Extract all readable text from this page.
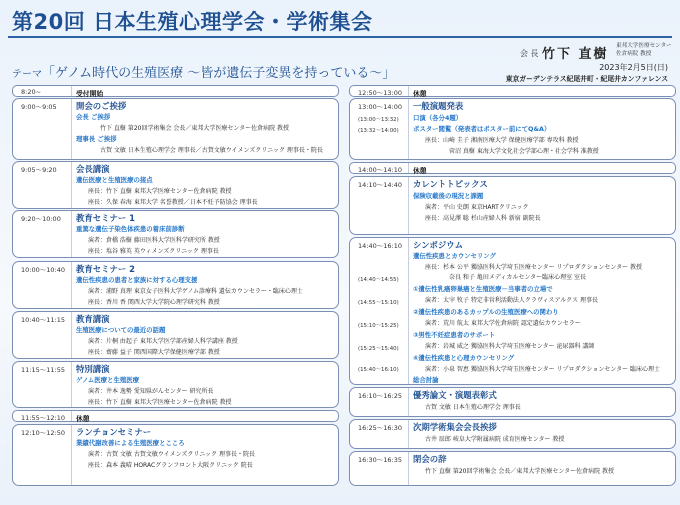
第20回 日本生殖心理学会・学術集会
会 長 竹下 直樹
東邦大学医療センター
佐倉病院 教授
テーマ「ゲノム時代の生殖医療 ～皆が遺伝子変異を持っている～」	2023年2月5日(日)
東京ガーデンテラス紀尾井町・紀尾井カンファレンス
8:20~	受付開始
9:00～9:05 開会のご挨拶
会長 ご挨拶
竹下 直樹 第20回学術集会 会長／東邦大学医療センター佐倉病院 教授
理事長 ご挨拶
古賀 文敏 日本生殖心理学会 理事長／古賀文敏ウイメンズクリニック 理事長・院長
9:05～9:20 会長講演
遺伝医療と生殖医療の接点
座長：竹下 直樹 東邦大学医療センター佐倉病院 教授
座長：久保 春海 東邦大学 名誉教授／日本不妊予防協会 理事長
9:20～10:00 教育セミナー 1
重篤な遺伝子染色体疾患の着床前診断
演者：倉橋 浩樹 藤田医科大学医科学研究所 教授
座長：塩谷 雅英 英ウィメンズクリニック 理事長
10:00～10:40 教育セミナー 2
遺伝性疾患の患者と家族に対する心理支援
演者：浦野 真理 東京女子医科大学ゲノム診療科 遺伝カウンセラー・臨床心理士
座長：香川 香 関西大学大学院心理学研究科 教授
10:40～11:15 教育講演
生殖医療についての最近の話題
演者：片桐 由起子 東邦大学医学部産婦人科学講座 教授
座長：齋藤 益子 関西国際大学保健医療学部 教授
11:15～11:55 特別講演
ゲノム医療と生殖医療
演者：井本 逸勢 愛知県がんセンター 研究所長
座長：竹下 直樹 東邦大学医療センター佐倉病院 教授
11:55～12:10 休憩
12:10～12:50 ランチョンセミナー
業績代謝改善による生殖医療とこころ
演者：古賀 文敏 古賀文敏ウイメンズクリニック 理事長・院長
座長：森本 義晴 HORACグランフロント大阪クリニック 院長
12:50～13:00 休憩
13:00～14:00
(13:00～13:32)
(13:32～14:00)
一般演題発表
口演（各分4題）
ポスター閲覧（発表者はポスター前にてQ&A）
座長：山崎 圭子 湘南医療大学 保健医療学部 専攻科 教授
菅沼 真樹 東海大学文化社会学部心理・社会学科 准教授
14:00～14:10 休憩
14:10～14:40 カレントトピックス
保険収載後の現況と課題
演者：平山 史朗 東京HARTクリニック
座長：高見澤 聡 杉山産婦人科 新宿 副院長
14:40～16:10
(14:40～14:55)
(14:55～15:10)
(15:10～15:25)
(15:25～15:40)
(15:40～16:10)
シンポジウム
遺伝性疾患とカウンセリング
座長：杉本 公平 獨協医科大学埼玉医療センター リプロダクションセンター 教授
奈良 和子 亀田メディカルセンター臨床心理室 室長
①遺伝性乳癌卵巣癌と生殖医療－当事者の立場で
演者：太宰 牧子 特定非営利活動法人クラヴィスアルクス 理事長
②遺伝性疾患のあるカップルの生殖医療への関わり
演者：荒川 航太 東邦大学佐倉病院 認定遺伝カウンセラー
③男性不妊症患者のサポート
演者：岩城 威之 獨協医科大学埼玉医療センター 泌尿器科 講師
④遺伝性疾患と心理カウンセリング
演者：小泉 智恵 獨協医科大学埼玉医療センター リプロダクションセンター 臨床心理士
総合討論
16:10～16:25 優秀論文・演題表彰式
古賀 文敏 日本生殖心理学会 理事長
16:25～16:30 次期学術集会会長挨拶
古井 辰郎 岐阜大学附属病院 成育医療センター 教授
16:30～16:35 閉会の辞
竹下 直樹 第20回学術集会 会長／東邦大学医療センター佐倉病院 教授
